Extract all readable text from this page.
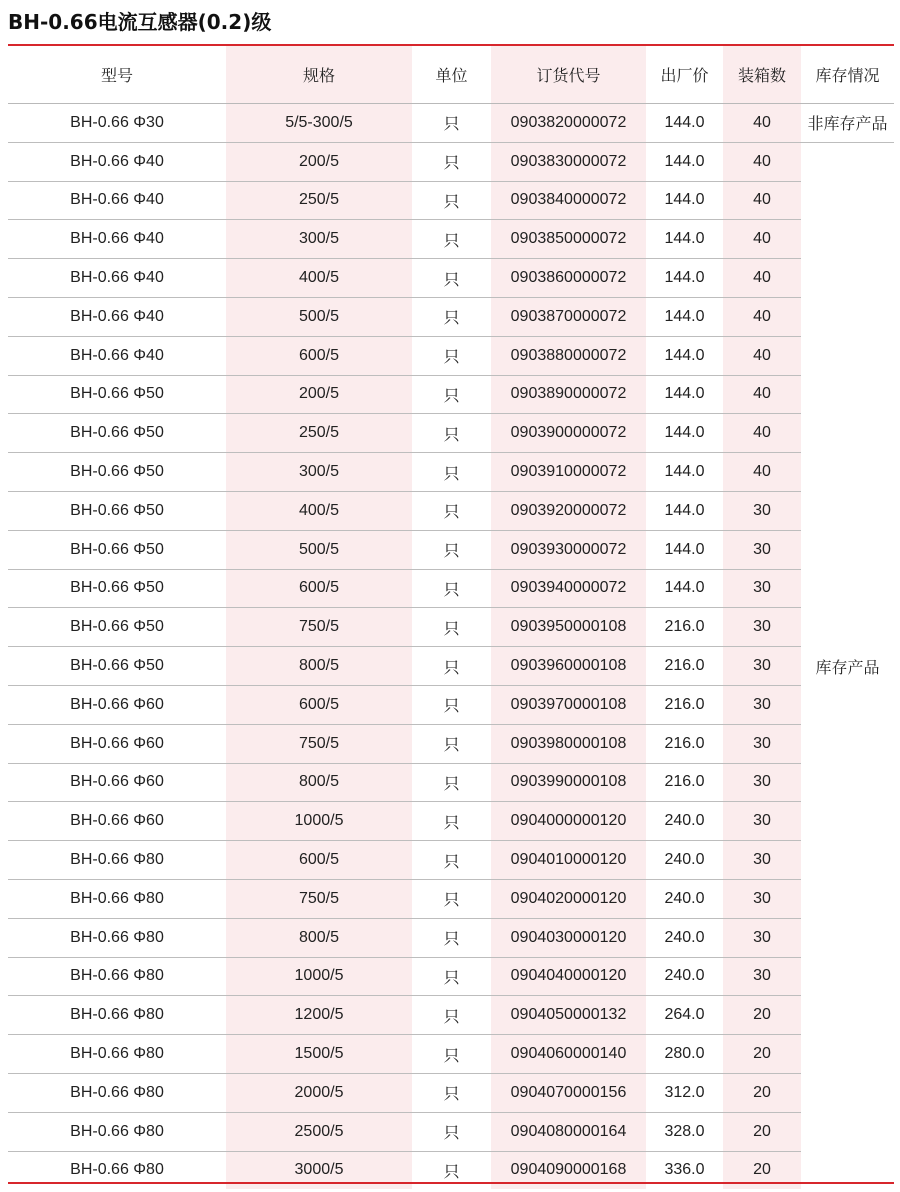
BH-0.66电流互感器(0.2)级
型号	规格	单位	订货代号	出厂价	装箱数	库存情况
BH-0.66 Φ30	5/5-300/5	只	0903820000072	144.0	40	非库存产品
BH-0.66 Φ40	200/5	只	0903830000072	144.0	40	库存产品
BH-0.66 Φ40	250/5	只	0903840000072	144.0	40	
BH-0.66 Φ40	300/5	只	0903850000072	144.0	40	
BH-0.66 Φ40	400/5	只	0903860000072	144.0	40	
BH-0.66 Φ40	500/5	只	0903870000072	144.0	40	
BH-0.66 Φ40	600/5	只	0903880000072	144.0	40	
BH-0.66 Φ50	200/5	只	0903890000072	144.0	40	
BH-0.66 Φ50	250/5	只	0903900000072	144.0	40	
BH-0.66 Φ50	300/5	只	0903910000072	144.0	40	
BH-0.66 Φ50	400/5	只	0903920000072	144.0	30	
BH-0.66 Φ50	500/5	只	0903930000072	144.0	30	
BH-0.66 Φ50	600/5	只	0903940000072	144.0	30	
BH-0.66 Φ50	750/5	只	0903950000108	216.0	30	
BH-0.66 Φ50	800/5	只	0903960000108	216.0	30	
BH-0.66 Φ60	600/5	只	0903970000108	216.0	30	
BH-0.66 Φ60	750/5	只	0903980000108	216.0	30	
BH-0.66 Φ60	800/5	只	0903990000108	216.0	30	
BH-0.66 Φ60	1000/5	只	0904000000120	240.0	30	
BH-0.66 Φ80	600/5	只	0904010000120	240.0	30	
BH-0.66 Φ80	750/5	只	0904020000120	240.0	30	
BH-0.66 Φ80	800/5	只	0904030000120	240.0	30	
BH-0.66 Φ80	1000/5	只	0904040000120	240.0	30	
BH-0.66 Φ80	1200/5	只	0904050000132	264.0	20	
BH-0.66 Φ80	1500/5	只	0904060000140	280.0	20	
BH-0.66 Φ80	2000/5	只	0904070000156	312.0	20	
BH-0.66 Φ80	2500/5	只	0904080000164	328.0	20	
BH-0.66 Φ80	3000/5	只	0904090000168	336.0	20	
